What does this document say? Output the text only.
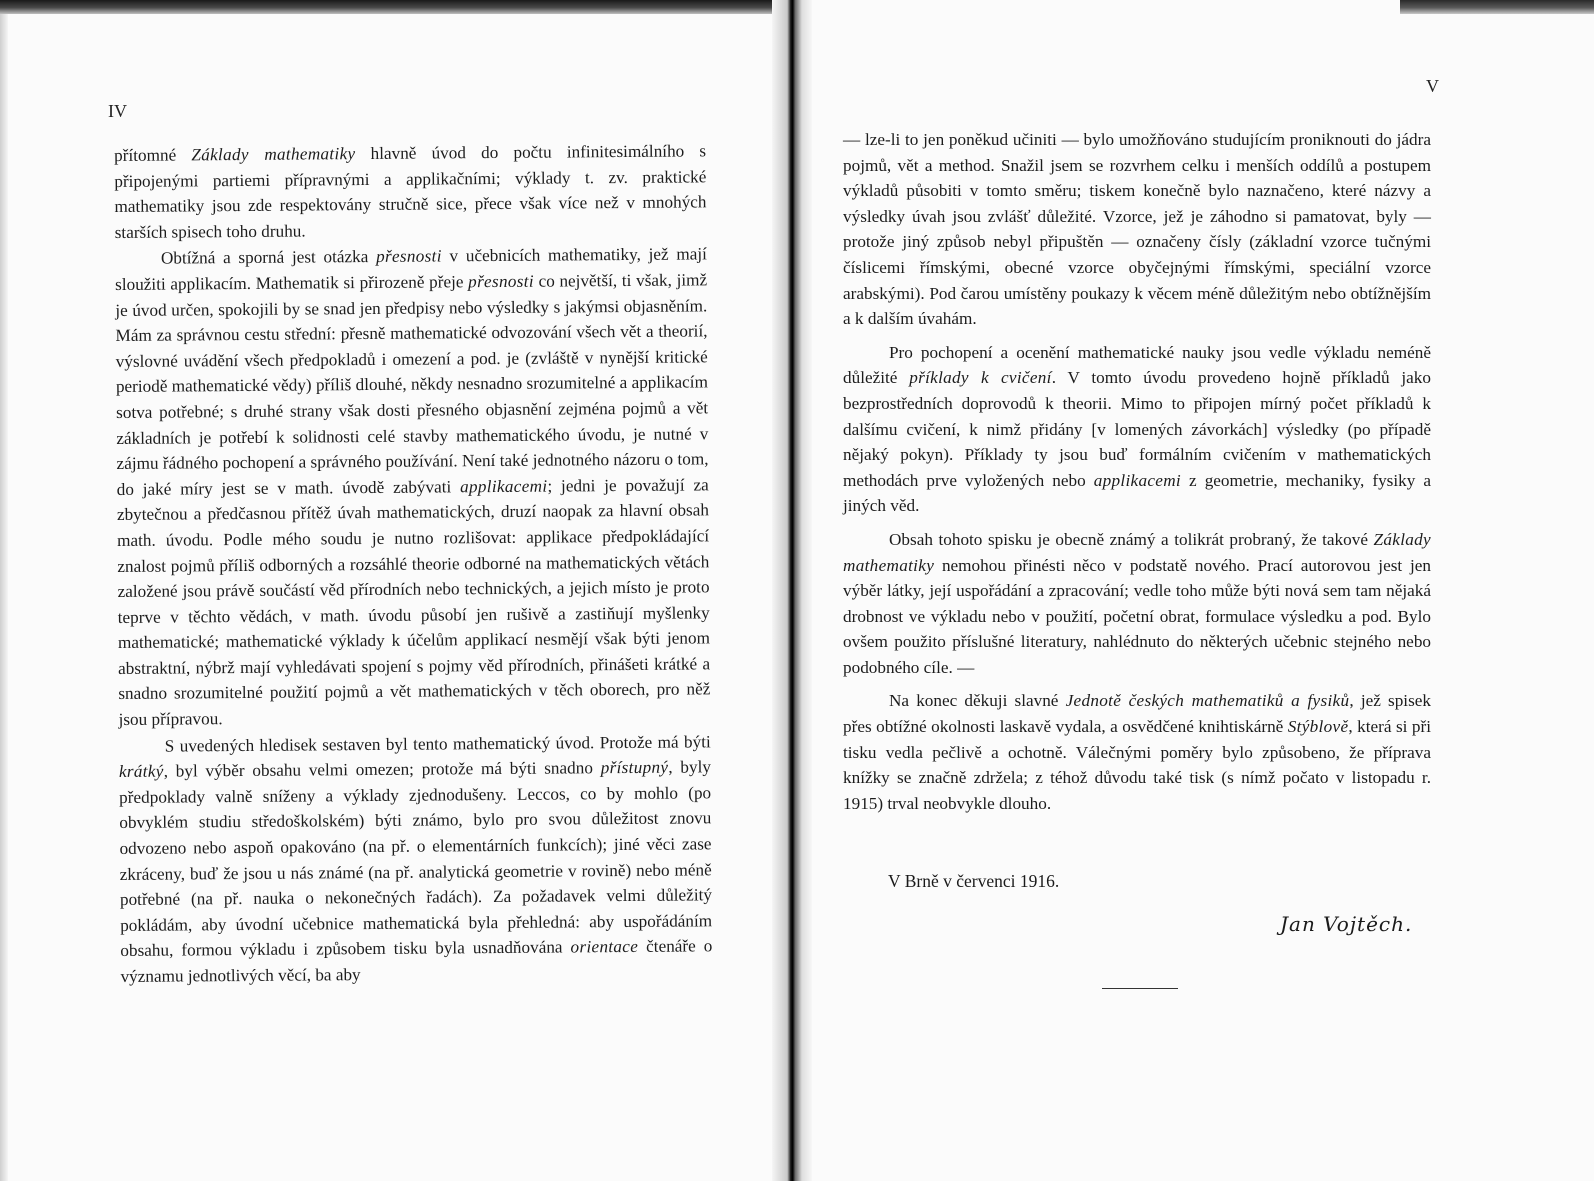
IV

přítomné Základy mathematiky hlavně úvod do počtu infinitesimálního s připojenými partiemi přípravnými a applikačními; výklady t. zv. praktické mathematiky jsou zde respektovány stručně sice, přece však více než v mnohých starších spisech toho druhu.

Obtížná a sporná jest otázka přesnosti v učebnicích mathematiky, jež mají sloužiti applikacím. Mathematik si přirozeně přeje přesnosti co největší, ti však, jimž je úvod určen, spokojili by se snad jen předpisy nebo výsledky s jakýmsi objasněním. Mám za správnou cestu střední: přesně mathematické odvozování všech vět a theorií, výslovné uvádění všech předpokladů i omezení a pod. je (zvláště v nynější kritické periodě mathematické vědy) příliš dlouhé, někdy nesnadno srozumitelné a applikacím sotva potřebné; s druhé strany však dosti přesného objasnění zejména pojmů a vět základních je potřebí k solidnosti celé stavby mathematického úvodu, je nutné v zájmu řádného pochopení a správného používání. Není také jednotného názoru o tom, do jaké míry jest se v math. úvodě zabývati applikacemi; jedni je považují za zbytečnou a předčasnou přítěž úvah mathematických, druzí naopak za hlavní obsah math. úvodu. Podle mého soudu je nutno rozlišovat: applikace předpokládající znalost pojmů příliš odborných a rozsáhlé theorie odborné na mathematických větách založené jsou právě součástí věd přírodních nebo technických, a jejich místo je proto teprve v těchto vědách, v math. úvodu působí jen rušivě a zastiňují myšlenky mathematické; mathematické výklady k účelům applikací nesmějí však býti jenom abstraktní, nýbrž mají vyhledávati spojení s pojmy věd přírodních, přinášeti krátké a snadno srozumitelné použití pojmů a vět mathematických v těch oborech, pro něž jsou přípravou.

S uvedených hledisek sestaven byl tento mathematický úvod. Protože má býti krátký, byl výběr obsahu velmi omezen; protože má býti snadno přístupný, byly předpoklady valně sníženy a výklady zjednodušeny. Leccos, co by mohlo (po obvyklém studiu středoškolském) býti známo, bylo pro svou důležitost znovu odvozeno nebo aspoň opakováno (na př. o elementárních funkcích); jiné věci zase zkráceny, buď že jsou u nás známé (na př. analytická geometrie v rovině) nebo méně potřebné (na př. nauka o nekonečných řadách). Za požadavek velmi důležitý pokládám, aby úvodní učebnice mathematická byla přehledná: aby uspořádáním obsahu, formou výkladu i způsobem tisku byla usnadňována orientace čtenáře o významu jednotlivých věcí, ba aby

V

— lze-li to jen poněkud učiniti — bylo umožňováno studujícím proniknouti do jádra pojmů, vět a method. Snažil jsem se rozvrhem celku i menších oddílů a postupem výkladů působiti v tomto směru; tiskem konečně bylo naznačeno, které názvy a výsledky úvah jsou zvlášť důležité. Vzorce, jež je záhodno si pamatovat, byly — protože jiný způsob nebyl připuštěn — označeny čísly (základní vzorce tučnými číslicemi římskými, obecné vzorce obyčejnými římskými, speciální vzorce arabskými). Pod čarou umístěny poukazy k věcem méně důležitým nebo obtížnějším a k dalším úvahám.

Pro pochopení a ocenění mathematické nauky jsou vedle výkladu neméně důležité příklady k cvičení. V tomto úvodu provedeno hojně příkladů jako bezprostředních doprovodů k theorii. Mimo to připojen mírný počet příkladů k dalšímu cvičení, k nimž přidány [v lomených závorkách] výsledky (po případě nějaký pokyn). Příklady ty jsou buď formálním cvičením v mathematických methodách prve vyložených nebo applikacemi z geometrie, mechaniky, fysiky a jiných věd.

Obsah tohoto spisku je obecně známý a tolikrát probraný, že takové Základy mathematiky nemohou přinésti něco v podstatě nového. Prací autorovou jest jen výběr látky, její uspořádání a zpracování; vedle toho může býti nová sem tam nějaká drobnost ve výkladu nebo v použití, početní obrat, formulace výsledku a pod. Bylo ovšem použito příslušné literatury, nahlédnuto do některých učebnic stejného nebo podobného cíle. —

Na konec děkuji slavné Jednotě českých mathematiků a fysiků, jež spisek přes obtížné okolnosti laskavě vydala, a osvědčené knihtiskárně Stýblově, která si při tisku vedla pečlivě a ochotně. Válečnými poměry bylo způsobeno, že příprava knížky se značně zdržela; z téhož důvodu také tisk (s nímž počato v listopadu r. 1915) trval neobvykle dlouho.

V Brně v červenci 1916.
Jan Vojtěch.
